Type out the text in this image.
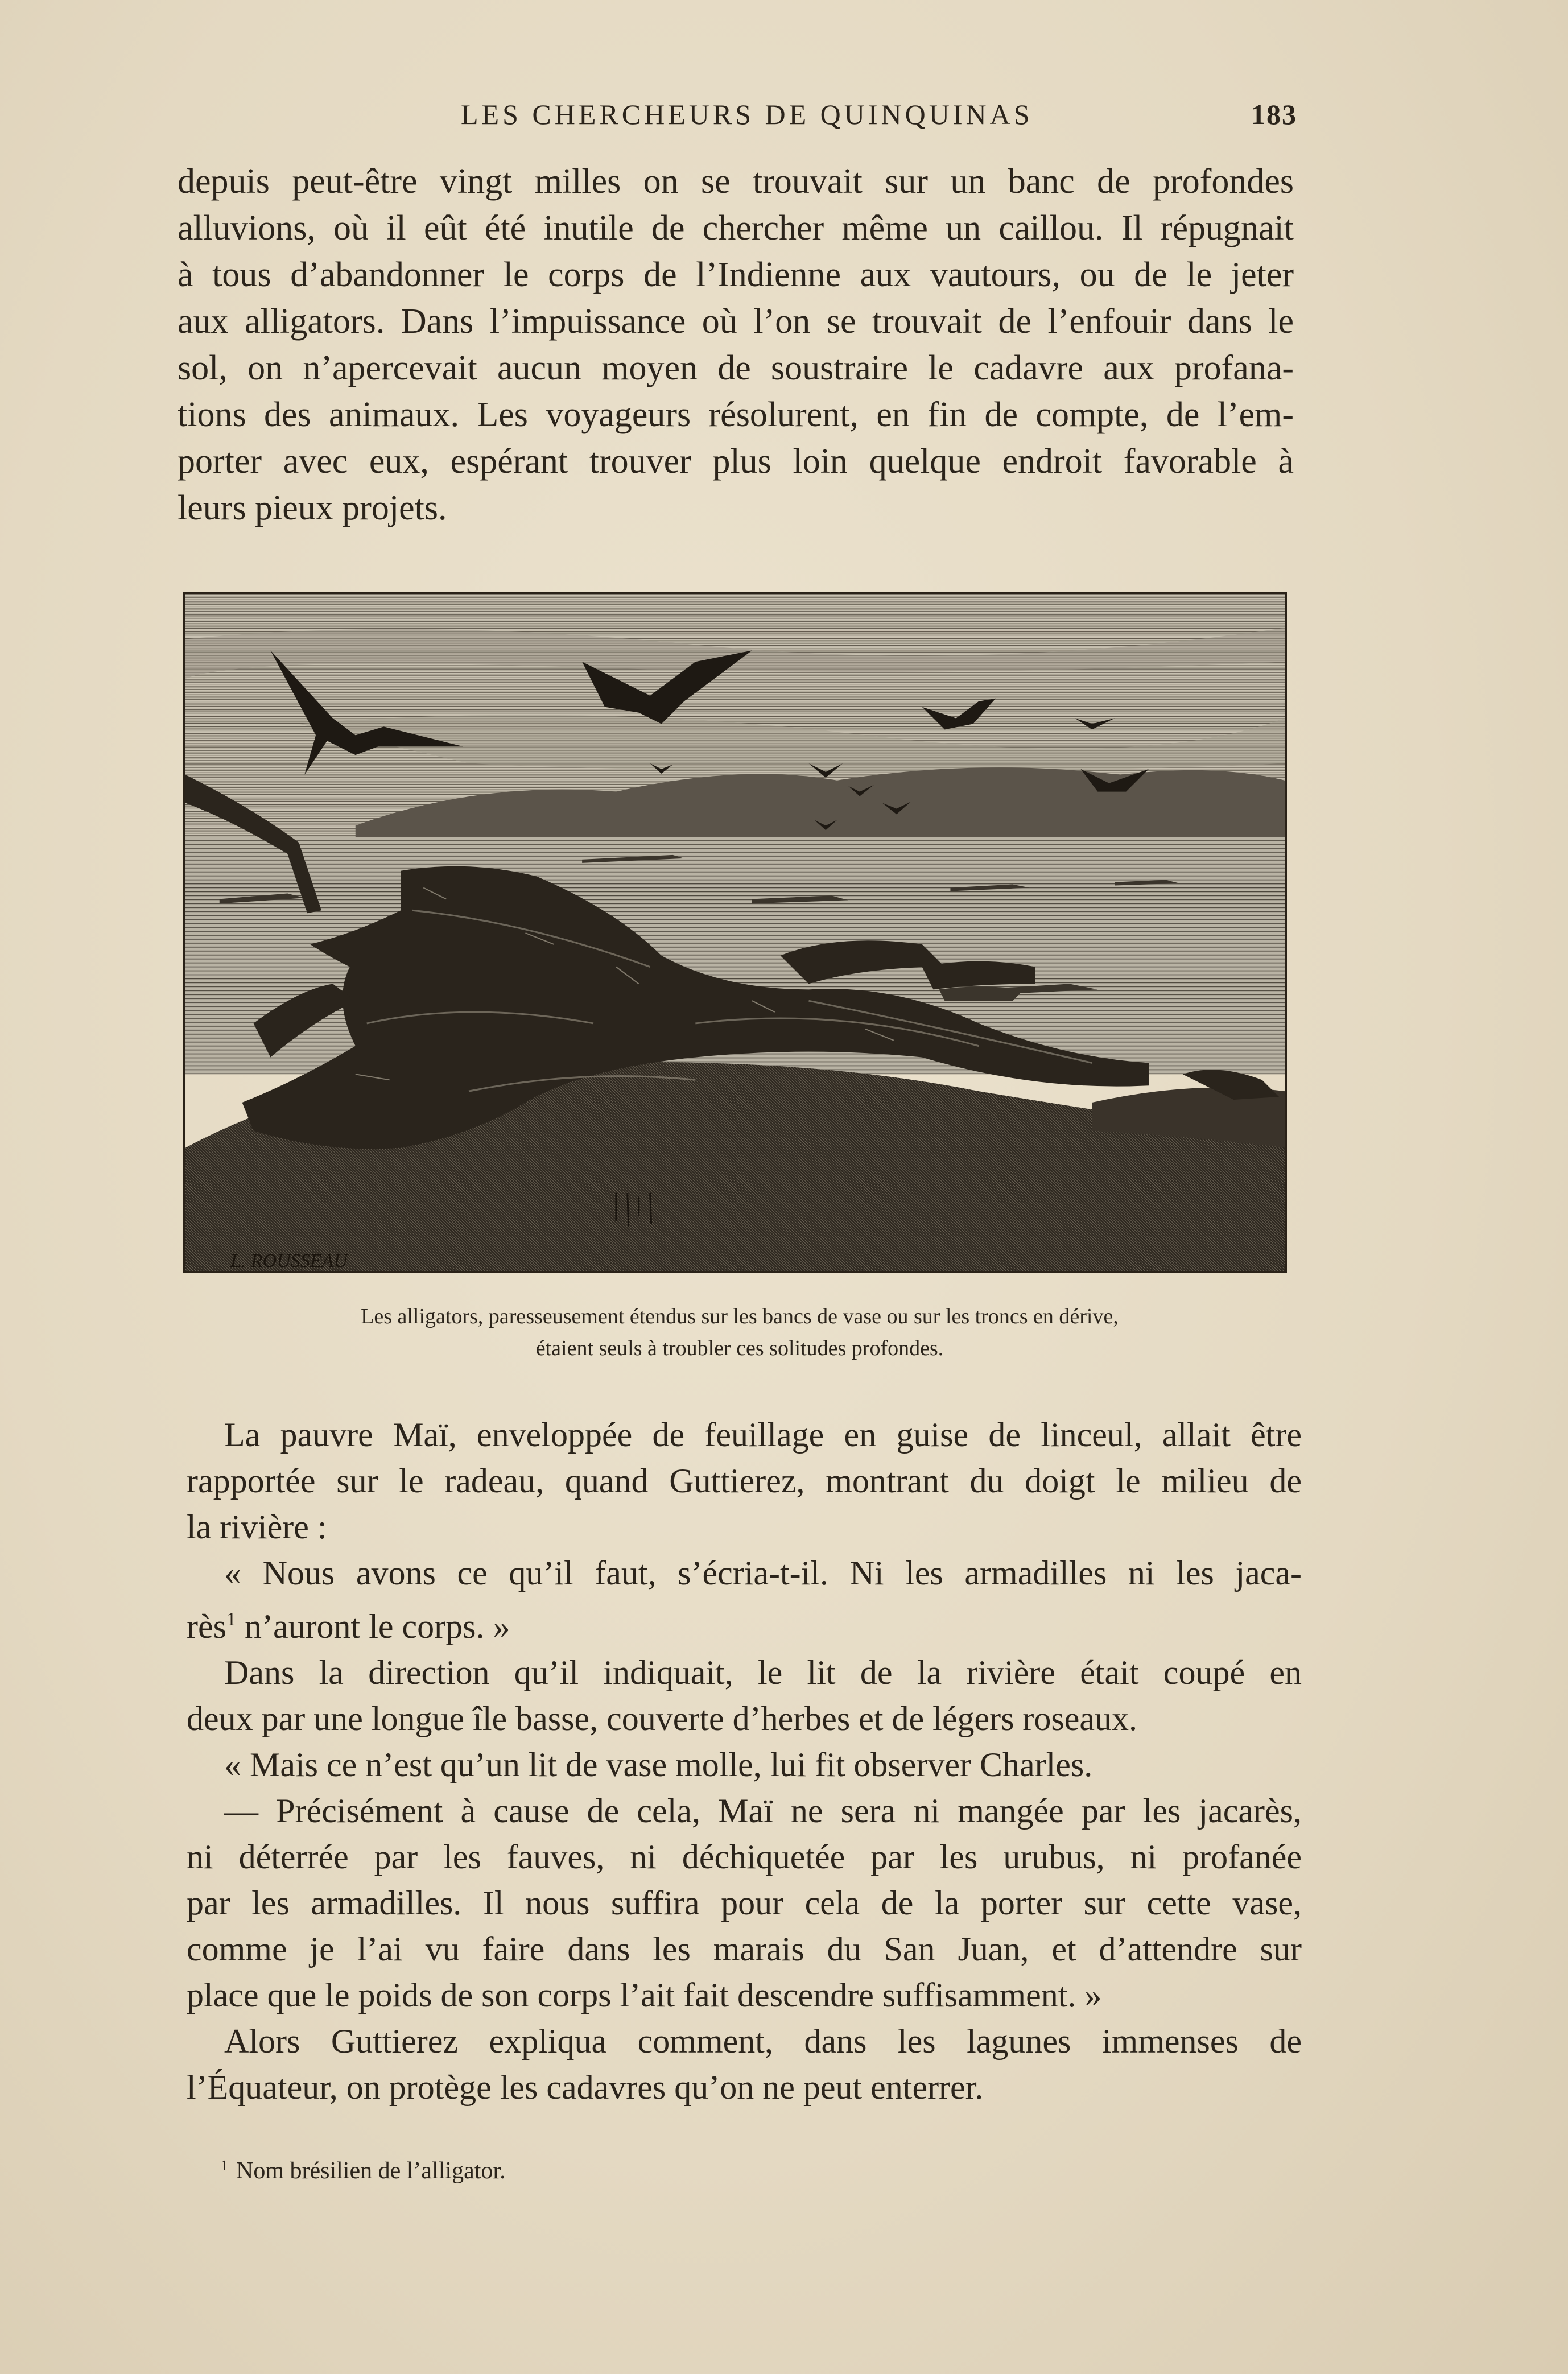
LES CHERCHEURS DE QUINQUINAS	183
depuis peut-être vingt milles on se trouvait sur un banc de profondes
alluvions, où il eût été inutile de chercher même un caillou. Il répugnait
à tous d’abandonner le corps de l’Indienne aux vautours, ou de le jeter
aux alligators. Dans l’impuissance où l’on se trouvait de l’enfouir dans le
sol, on n’apercevait aucun moyen de soustraire le cadavre aux profana-
tions des animaux. Les voyageurs résolurent, en fin de compte, de l’em-
porter avec eux, espérant trouver plus loin quelque endroit favorable à
leurs pieux projets.
L. ROUSSEAU
Les alligators, paresseusement étendus sur les bancs de vase ou sur les troncs en dérive,
étaient seuls à troubler ces solitudes profondes.
La pauvre Maï, enveloppée de feuillage en guise de linceul, allait être
rapportée sur le radeau, quand Guttierez, montrant du doigt le milieu de
la rivière :
« Nous avons ce qu’il faut, s’écria-t-il. Ni les armadilles ni les jaca-
rès$^1$ n’auront le corps. »
Dans la direction qu’il indiquait, le lit de la rivière était coupé en
deux par une longue île basse, couverte d’herbes et de légers roseaux.
« Mais ce n’est qu’un lit de vase molle, lui fit observer Charles.
— Précisément à cause de cela, Maï ne sera ni mangée par les jacarès,
ni déterrée par les fauves, ni déchiquetée par les urubus, ni profanée
par les armadilles. Il nous suffira pour cela de la porter sur cette vase,
comme je l’ai vu faire dans les marais du San Juan, et d’attendre sur
place que le poids de son corps l’ait fait descendre suffisamment. »
Alors Guttierez expliqua comment, dans les lagunes immenses de
l’Équateur, on protège les cadavres qu’on ne peut enterrer.
$^1$ Nom brésilien de l’alligator.
